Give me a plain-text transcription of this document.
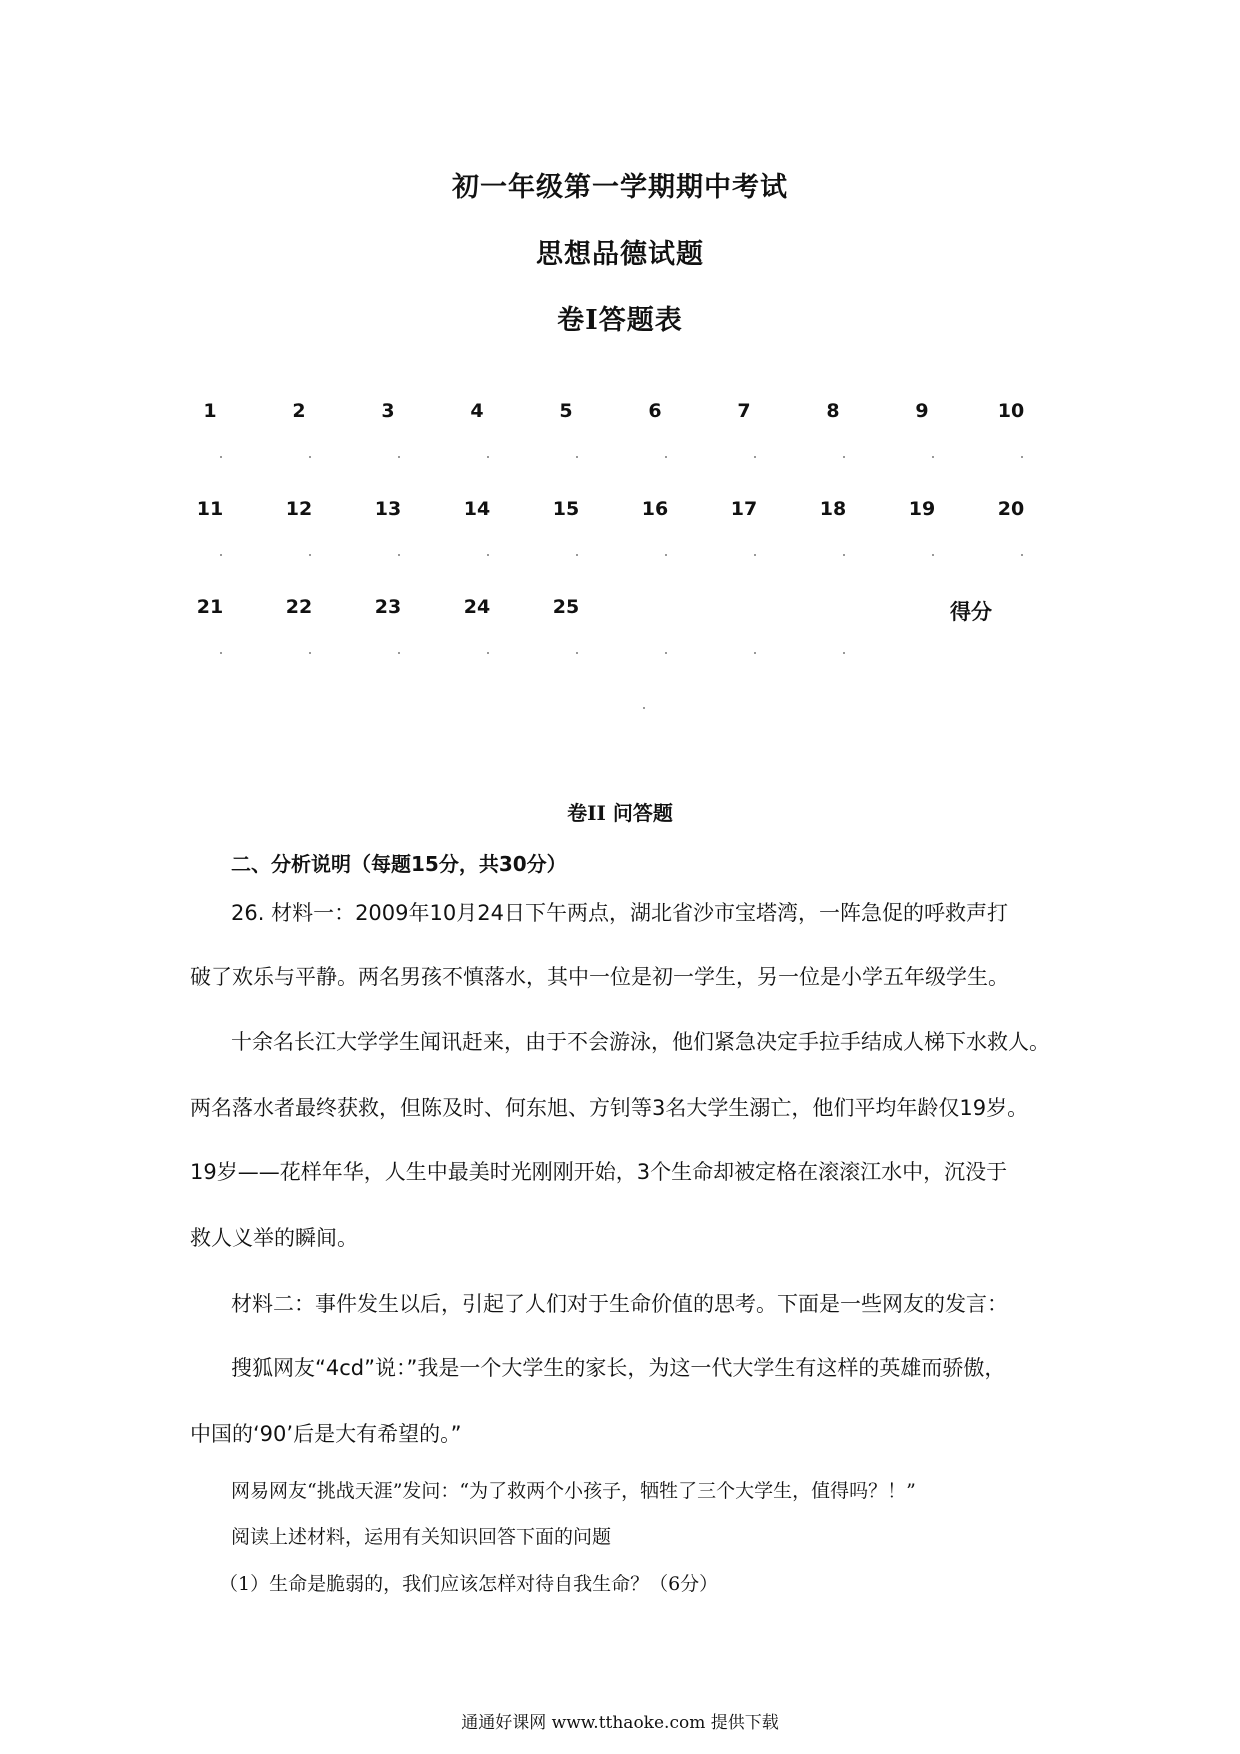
初一年级第一学期期中考试
思想品德试题
卷Ⅰ答题表
1	2	3	4	5	6	7	8	9	10
11	12	13	14	15	16	17	18	19	20
21	22	23	24	25	得分
卷II 问答题
二、分析说明（每题15分，共30分）
26. 材料一：2009年10月24日下午两点，湖北省沙市宝塔湾，一阵急促的呼救声打
破了欢乐与平静。两名男孩不慎落水，其中一位是初一学生，另一位是小学五年级学生。
十余名长江大学学生闻讯赶来，由于不会游泳，他们紧急决定手拉手结成人梯下水救人。
两名落水者最终获救，但陈及时、何东旭、方钊等3名大学生溺亡，他们平均年龄仅19岁。
19岁——花样年华，人生中最美时光刚刚开始，3个生命却被定格在滚滚江水中，沉没于
救人义举的瞬间。
材料二：事件发生以后，引起了人们对于生命价值的思考。下面是一些网友的发言：
搜狐网友“4cd”说：”我是一个大学生的家长，为这一代大学生有这样的英雄而骄傲，
中国的‘90’后是大有希望的。”
网易网友“挑战天涯”发问：“为了救两个小孩子，牺牲了三个大学生，值得吗？！”
阅读上述材料，运用有关知识回答下面的问题
（1）生命是脆弱的，我们应该怎样对待自我生命？（6分）
通通好课网 www.tthaoke.com 提供下载
